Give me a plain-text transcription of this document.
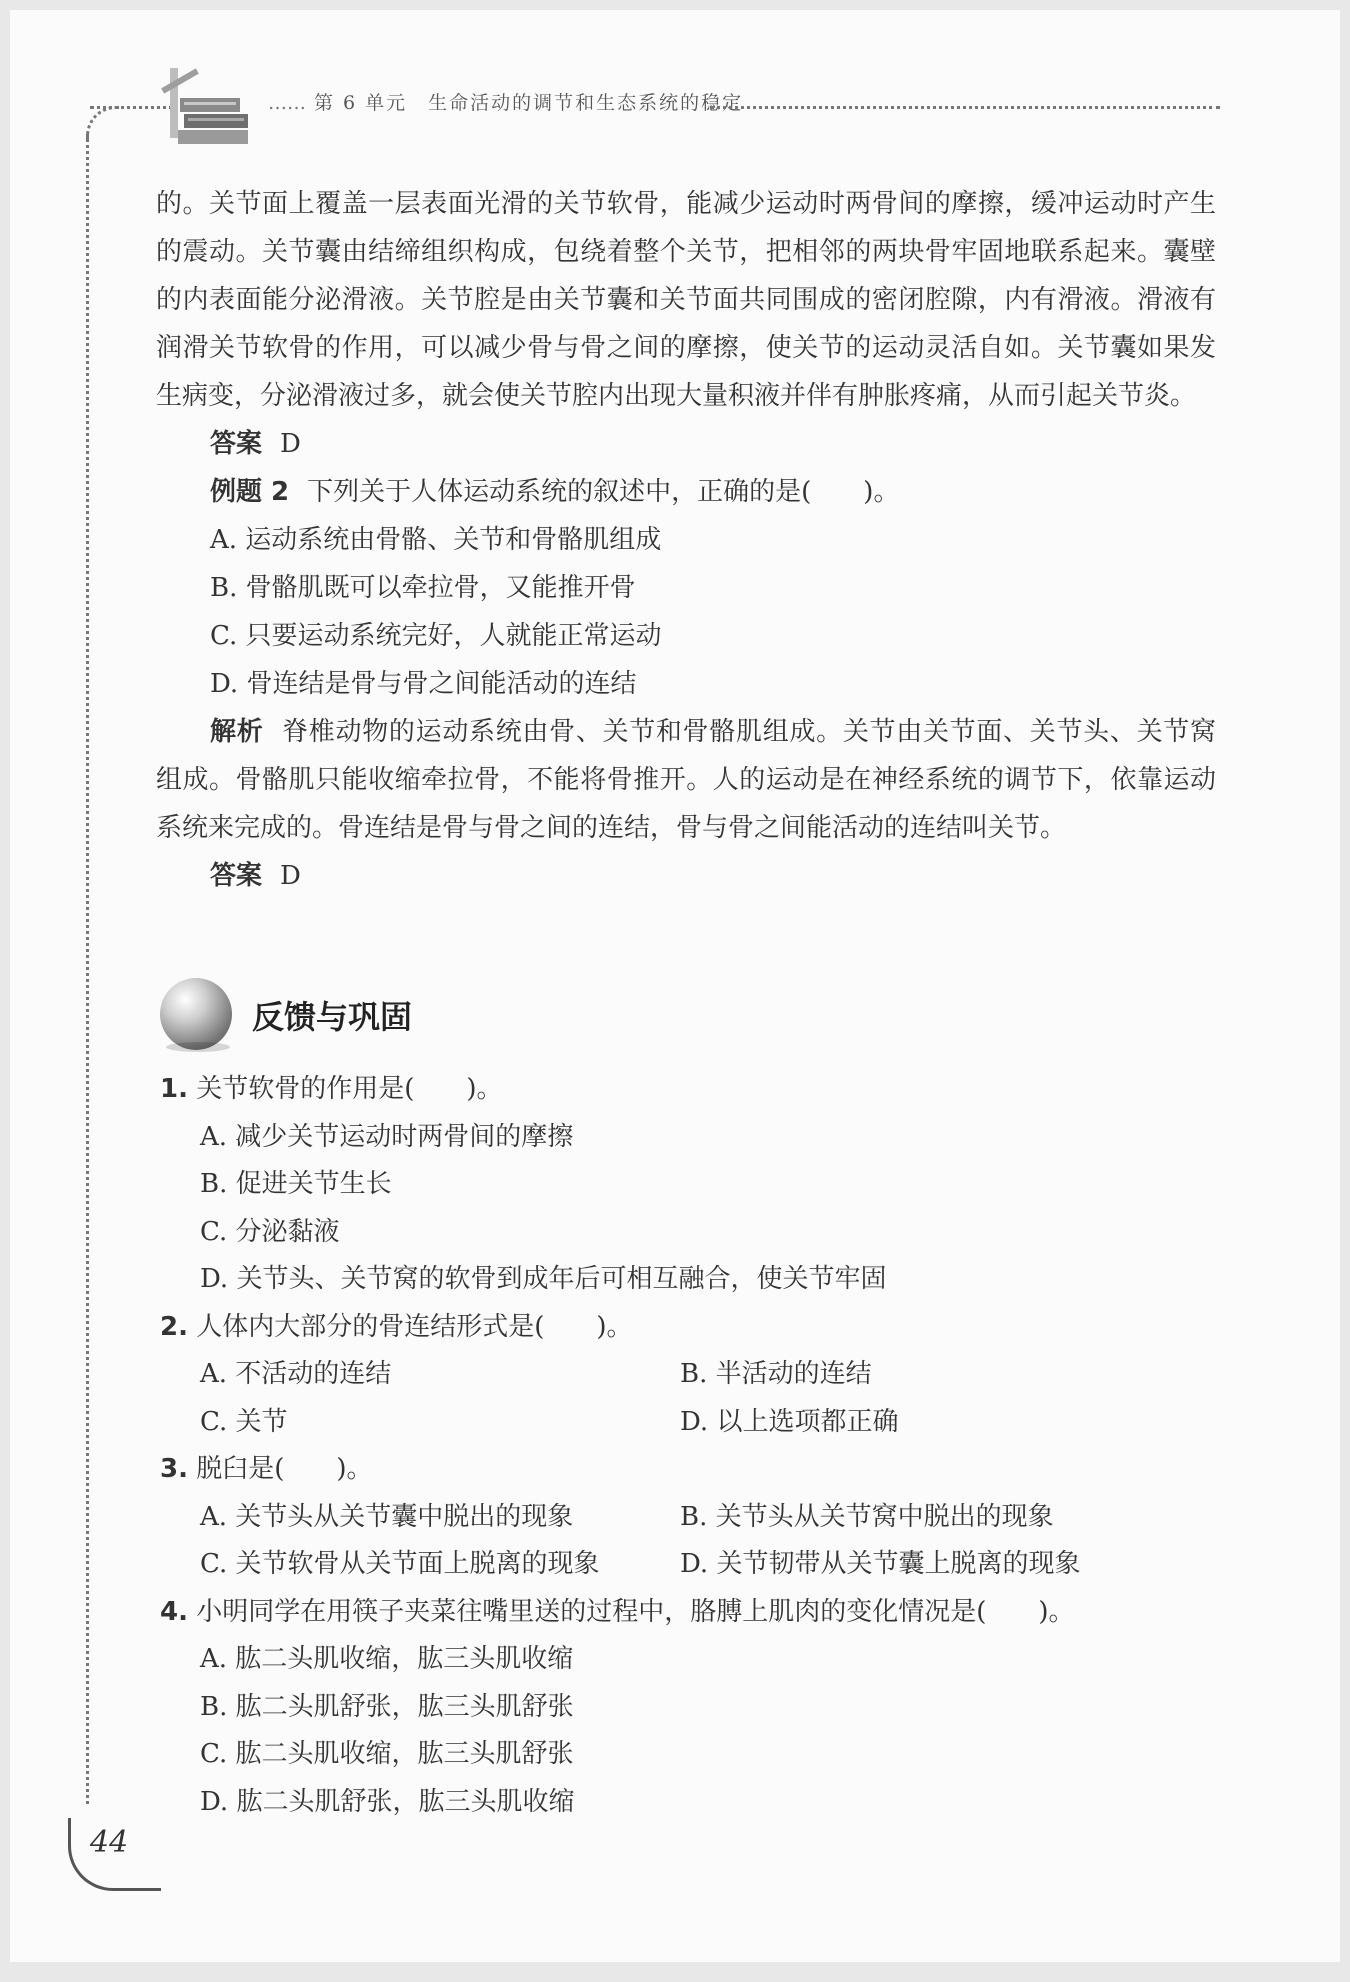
…… 第 6 单元　生命活动的调节和生态系统的稳定

的。关节面上覆盖一层表面光滑的关节软骨，能减少运动时两骨间的摩擦，缓冲运动时产生的震动。关节囊由结缔组织构成，包绕着整个关节，把相邻的两块骨牢固地联系起来。囊壁的内表面能分泌滑液。关节腔是由关节囊和关节面共同围成的密闭腔隙，内有滑液。滑液有润滑关节软骨的作用，可以减少骨与骨之间的摩擦，使关节的运动灵活自如。关节囊如果发生病变，分泌滑液过多，就会使关节腔内出现大量积液并伴有肿胀疼痛，从而引起关节炎。

答案 D

例题 2 下列关于人体运动系统的叙述中，正确的是(　　)。

A. 运动系统由骨骼、关节和骨骼肌组成

B. 骨骼肌既可以牵拉骨，又能推开骨

C. 只要运动系统完好，人就能正常运动

D. 骨连结是骨与骨之间能活动的连结

解析 脊椎动物的运动系统由骨、关节和骨骼肌组成。关节由关节面、关节头、关节窝组成。骨骼肌只能收缩牵拉骨，不能将骨推开。人的运动是在神经系统的调节下，依靠运动系统来完成的。骨连结是骨与骨之间的连结，骨与骨之间能活动的连结叫关节。

答案 D

反馈与巩固

1. 关节软骨的作用是(　　)。

A. 减少关节运动时两骨间的摩擦

B. 促进关节生长

C. 分泌黏液

D. 关节头、关节窝的软骨到成年后可相互融合，使关节牢固

2. 人体内大部分的骨连结形式是(　　)。

A. 不活动的连结	B. 半活动的连结
C. 关节	D. 以上选项都正确

3. 脱臼是(　　)。

A. 关节头从关节囊中脱出的现象	B. 关节头从关节窝中脱出的现象
C. 关节软骨从关节面上脱离的现象	D. 关节韧带从关节囊上脱离的现象

4. 小明同学在用筷子夹菜往嘴里送的过程中，胳膊上肌肉的变化情况是(　　)。

A. 肱二头肌收缩，肱三头肌收缩

B. 肱二头肌舒张，肱三头肌舒张

C. 肱二头肌收缩，肱三头肌舒张

D. 肱二头肌舒张，肱三头肌收缩

44
